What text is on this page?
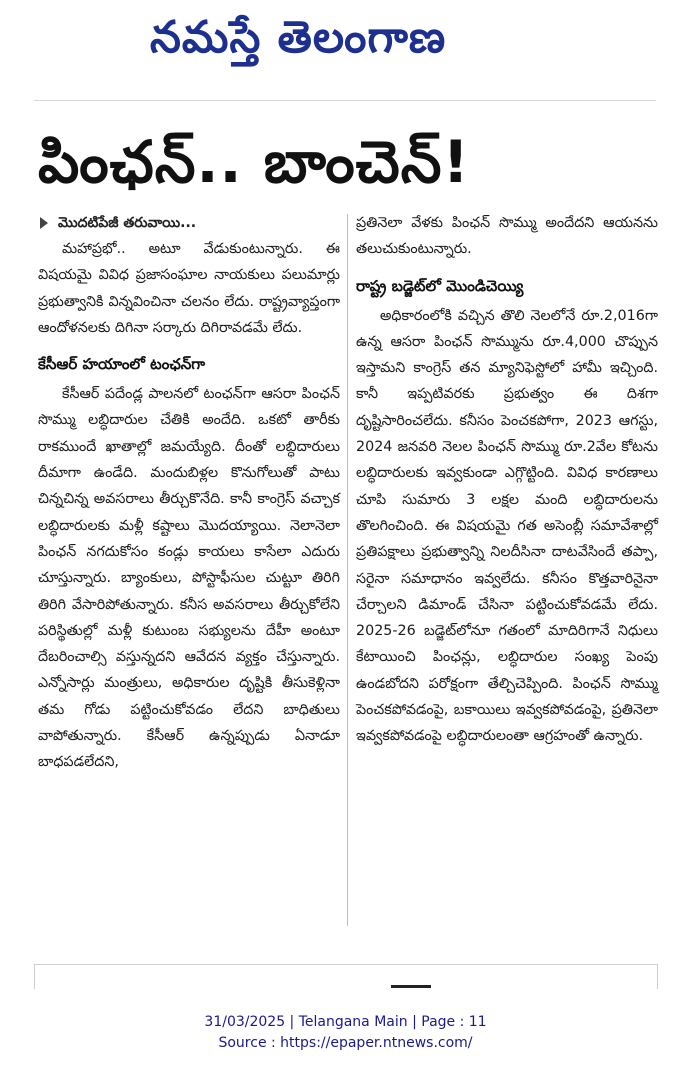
నమస్తే తెలంగాణ
పింఛన్.. బాంచెన్!
మొదటిపేజీ తరువాయి...

మహాప్రభో.. అటూ వేడుకుంటున్నారు. ఈ విషయమై వివిధ ప్రజాసంఘాల నాయకులు పలుమార్లు ప్రభుత్వానికి విన్నవించినా చలనం లేదు. రాష్ట్రవ్యాప్తంగా ఆందోళనలకు దిగినా సర్కారు దిగిరావడమే లేదు.

కేసీఆర్ హయాంలో టంఛన్‌గా

కేసీఆర్ పదేండ్ల పాలనలో టంఛన్‌గా ఆసరా పింఛన్ సొమ్ము లబ్ధిదారుల చేతికి అందేది. ఒకటో తారీకు రాకముందే ఖాతాల్లో జమయ్యేది. దీంతో లబ్ధిదారులు దీమాగా ఉండేది. మందుబిళ్లల కొనుగోలుతో పాటు చిన్నచిన్న అవసరాలు తీర్చుకొనేది. కానీ కాంగ్రెస్ వచ్చాక లబ్ధిదారులకు మళ్లీ కష్టాలు మొదయ్యాయి. నెలానెలా పింఛన్ నగదుకోసం కండ్లు కాయలు కాసేలా ఎదురు చూస్తున్నారు. బ్యాంకులు, పోస్టాఫీసుల చుట్టూ తిరిగి తిరిగి వేసారిపోతున్నారు. కనీస అవసరాలు తీర్చుకోలేని పరిస్థితుల్లో మళ్లీ కుటుంబ సభ్యులను దేహీ అంటూ దేబరించాల్సి వస్తున్నదని ఆవేదన వ్యక్తం చేస్తున్నారు. ఎన్నోసార్లు మంత్రులు, అధికారుల దృష్టికి తీసుకెళ్లినా తమ గోడు పట్టించుకోవడం లేదని బాధితులు వాపోతున్నారు. కేసీఆర్ ఉన్నప్పుడు ఏనాడూ బాధపడలేదని,

ప్రతినెలా వేళకు పింఛన్ సొమ్ము అందేదని ఆయనను తలుచుకుంటున్నారు.

రాష్ట్ర బడ్జెట్‌లో మొండిచెయ్యి

అధికారంలోకి వచ్చిన తొలి నెలలోనే రూ.2,016గా ఉన్న ఆసరా పింఛన్ సొమ్మును రూ.4,000 చొప్పున ఇస్తామని కాంగ్రెస్ తన మ్యానిఫెస్టోలో హామీ ఇచ్చింది. కానీ ఇప్పటివరకు ప్రభుత్వం ఈ దిశగా దృష్టిసారించలేదు. కనీసం పెంచకపోగా, 2023 ఆగస్టు, 2024 జనవరి నెలల పింఛన్ సొమ్ము రూ.2వేల కోటను లబ్ధిదారులకు ఇవ్వకుండా ఎగ్గొట్టింది. వివిధ కారణాలు చూపి సుమారు 3 లక్షల మంది లబ్ధిదారులను తొలగించింది. ఈ విషయమై గత అసెంబ్లీ సమావేశాల్లో ప్రతిపక్షాలు ప్రభుత్వాన్ని నిలదీసినా దాటవేసిందే తప్పా, సరైనా సమాధానం ఇవ్వలేదు. కనీసం కొత్తవారినైనా చేర్చాలని డిమాండ్ చేసినా పట్టించుకోవడమే లేదు. 2025-26 బడ్జెట్‌లోనూ గతంలో మాదిరిగానే నిధులు కేటాయించి పింఛన్లు, లబ్ధిదారుల సంఖ్య పెంపు ఉండబోదని పరోక్షంగా తేల్చిచెప్పింది. పింఛన్ సొమ్ము పెంచకపోవడంపై, బకాయిలు ఇవ్వకపోవడంపై, ప్రతినెలా ఇవ్వకపోవడంపై లబ్ధిదారులంతా ఆగ్రహంతో ఉన్నారు.

31/03/2025 | Telangana Main | Page : 11
Source : https://epaper.ntnews.com/
